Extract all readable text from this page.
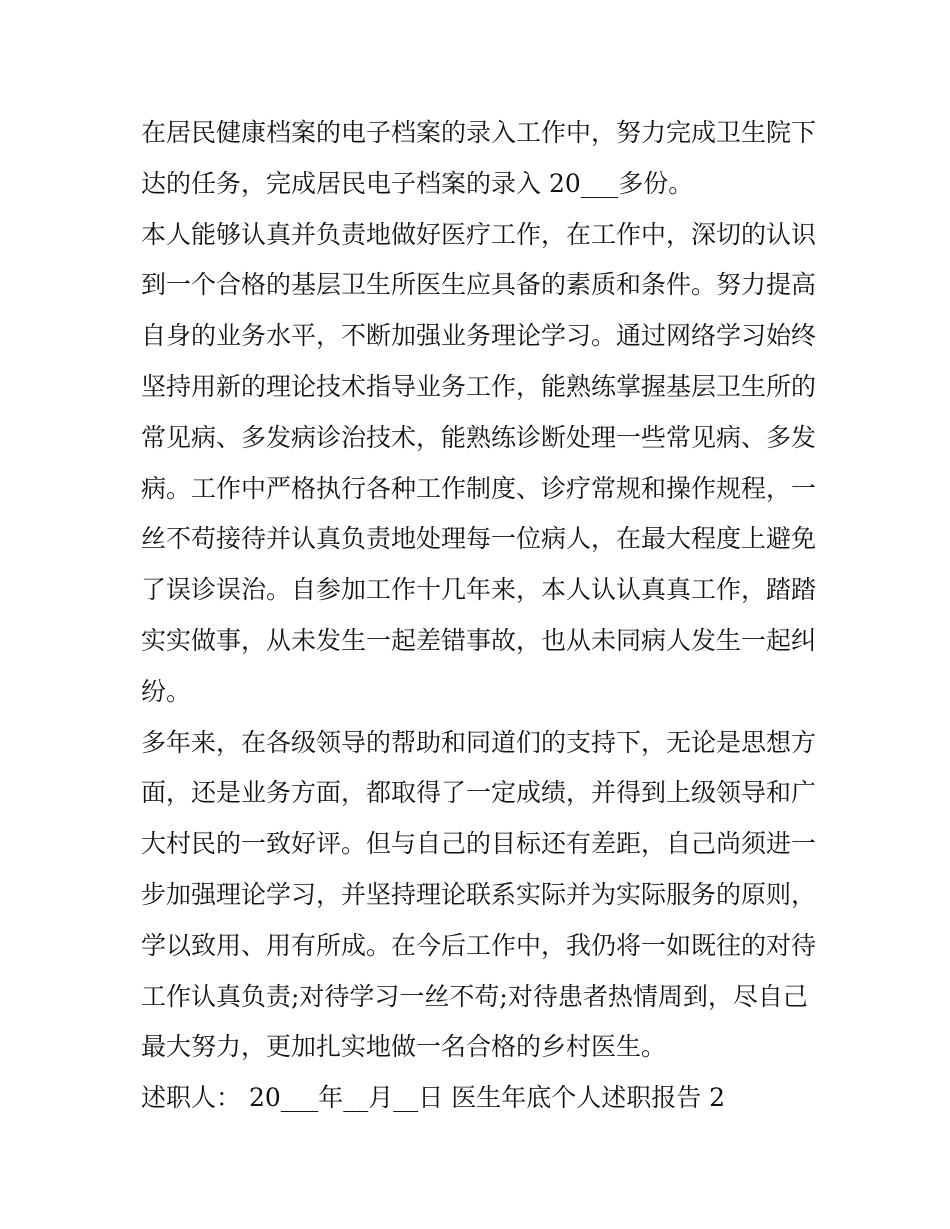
在居民健康档案的电子档案的录入工作中，努力完成卫生院下
达的任务，完成居民电子档案的录入 20___多份。
本人能够认真并负责地做好医疗工作，在工作中，深切的认识
到一个合格的基层卫生所医生应具备的素质和条件。努力提高
自身的业务水平，不断加强业务理论学习。通过网络学习始终
坚持用新的理论技术指导业务工作，能熟练掌握基层卫生所的
常见病、多发病诊治技术，能熟练诊断处理一些常见病、多发
病。工作中严格执行各种工作制度、诊疗常规和操作规程，一
丝不苟接待并认真负责地处理每一位病人，在最大程度上避免
了误诊误治。自参加工作十几年来，本人认认真真工作，踏踏
实实做事，从未发生一起差错事故，也从未同病人发生一起纠
纷。
多年来，在各级领导的帮助和同道们的支持下，无论是思想方
面，还是业务方面，都取得了一定成绩，并得到上级领导和广
大村民的一致好评。但与自己的目标还有差距，自己尚须进一
步加强理论学习，并坚持理论联系实际并为实际服务的原则，
学以致用、用有所成。在今后工作中，我仍将一如既往的对待
工作认真负责;对待学习一丝不苟;对待患者热情周到，尽自己
最大努力，更加扎实地做一名合格的乡村医生。
述职人： 20___年__月__日 医生年底个人述职报告 2
